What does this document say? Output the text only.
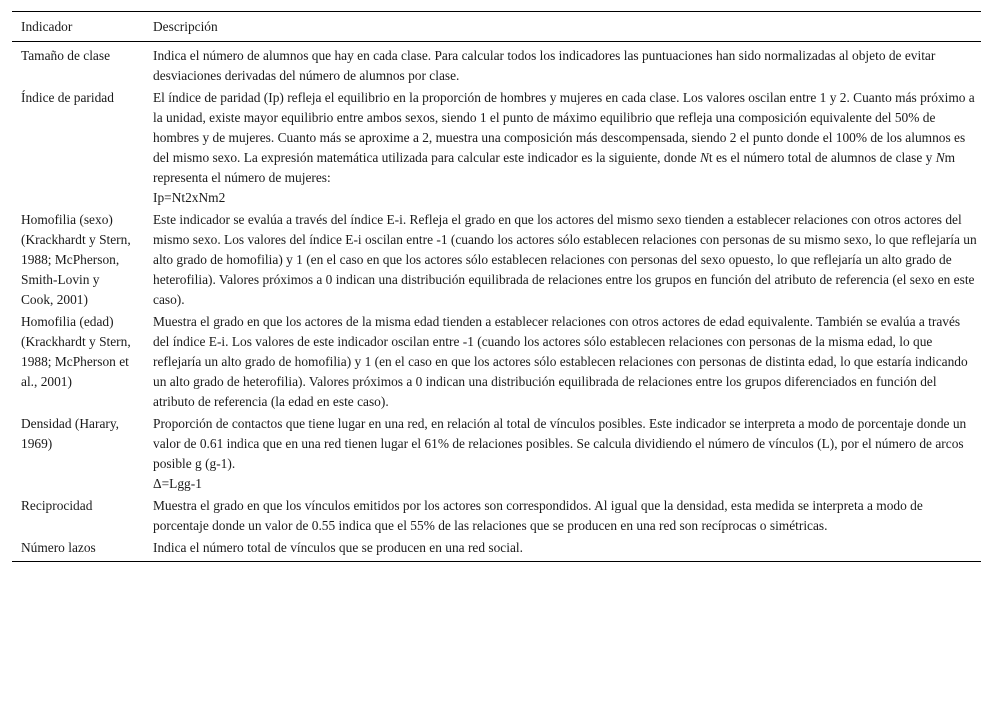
Indicador	Descripción
Tamaño de clase	Indica el número de alumnos que hay en cada clase. Para calcular todos los indicadores las puntuaciones han sido normalizadas al objeto de evitar desviaciones derivadas del número de alumnos por clase.
Índice de paridad	El índice de paridad (Ip) refleja el equilibrio en la proporción de hombres y mujeres en cada clase. Los valores oscilan entre 1 y 2. Cuanto más próximo a la unidad, existe mayor equilibrio entre ambos sexos, siendo 1 el punto de máximo equilibrio que refleja una composición equivalente del 50% de hombres y de mujeres. Cuanto más se aproxime a 2, muestra una composición más descompensada, siendo 2 el punto donde el 100% de los alumnos es del mismo sexo. La expresión matemática utilizada para calcular este indicador es la siguiente, donde Nt es el número total de alumnos de clase y Nm representa el número de mujeres:
Ip=Nt2xNm2

Homofilia (sexo) (Krackhardt y Stern, 1988; McPherson, Smith-Lovin y Cook, 2001)	Este indicador se evalúa a través del índice E-i. Refleja el grado en que los actores del mismo sexo tienden a establecer relaciones con otros actores del mismo sexo. Los valores del índice E-i oscilan entre -1 (cuando los actores sólo establecen relaciones con personas de su mismo sexo, lo que reflejaría un alto grado de homofilia) y 1 (en el caso en que los actores sólo establecen relaciones con personas del sexo opuesto, lo que reflejaría un alto grado de heterofilia). Valores próximos a 0 indican una distribución equilibrada de relaciones entre los grupos en función del atributo de referencia (el sexo en este caso).
Homofilia (edad) (Krackhardt y Stern, 1988; McPherson et al., 2001)	Muestra el grado en que los actores de la misma edad tienden a establecer relaciones con otros actores de edad equivalente. También se evalúa a través del índice E-i. Los valores de este indicador oscilan entre -1 (cuando los actores sólo establecen relaciones con personas de la misma edad, lo que reflejaría un alto grado de homofilia) y 1 (en el caso en que los actores sólo establecen relaciones con personas de distinta edad, lo que estaría indicando un alto grado de heterofilia). Valores próximos a 0 indican una distribución equilibrada de relaciones entre los grupos diferenciados en función del atributo de referencia (la edad en este caso).
Densidad (Harary, 1969)	Proporción de contactos que tiene lugar en una red, en relación al total de vínculos posibles. Este indicador se interpreta a modo de porcentaje donde un valor de 0.61 indica que en una red tienen lugar el 61% de relaciones posibles. Se calcula dividiendo el número de vínculos (L), por el número de arcos posible g (g-1).
Δ=Lgg-1

Reciprocidad	Muestra el grado en que los vínculos emitidos por los actores son correspondidos. Al igual que la densidad, esta medida se interpreta a modo de porcentaje donde un valor de 0.55 indica que el 55% de las relaciones que se producen en una red son recíprocas o simétricas.
Número lazos	Indica el número total de vínculos que se producen en una red social.
